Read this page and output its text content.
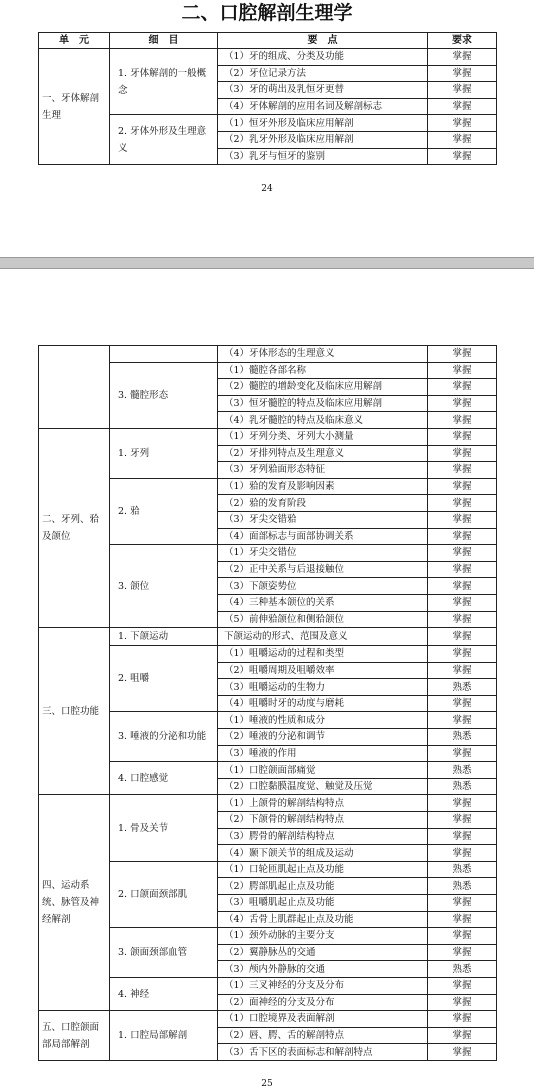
二、口腔解剖生理学
单　元	细　目	要　点	要求
一、牙体解剖生理	1. 牙体解剖的一般概念	（1）牙的组成、分类及功能	掌握
		（2）牙位记录方法	掌握
		（3）牙的萌出及乳恒牙更替	掌握
		（4）牙体解剖的应用名词及解剖标志	掌握
	2. 牙体外形及生理意义	（1）恒牙外形及临床应用解剖	掌握
		（2）乳牙外形及临床应用解剖	掌握
		（3）乳牙与恒牙的鉴别	掌握
24
		（4）牙体形态的生理意义	掌握
	3. 髓腔形态	（1）髓腔各部名称	掌握
		（2）髓腔的增龄变化及临床应用解剖	掌握
		（3）恒牙髓腔的特点及临床应用解剖	掌握
		（4）乳牙髓腔的特点及临床意义	掌握
二、牙列、𬌗及颌位	1. 牙列	（1）牙列分类、牙列大小测量	掌握
		（2）牙排列特点及生理意义	掌握
		（3）牙列𬌗面形态特征	掌握
	2. 𬌗	（1）𬌗的发育及影响因素	掌握
		（2）𬌗的发育阶段	掌握
		（3）牙尖交错𬌗	掌握
		（4）面部标志与面部协调关系	掌握
	3. 颌位	（1）牙尖交错位	掌握
		（2）正中关系与后退接触位	掌握
		（3）下颌姿势位	掌握
		（4）三种基本颌位的关系	掌握
		（5）前伸𬌗颌位和侧𬌗颌位	掌握
三、口腔功能	1. 下颌运动	下颌运动的形式、范围及意义	掌握
	2. 咀嚼	（1）咀嚼运动的过程和类型	掌握
		（2）咀嚼周期及咀嚼效率	掌握
		（3）咀嚼运动的生物力	熟悉
		（4）咀嚼时牙的动度与磨耗	掌握
	3. 唾液的分泌和功能	（1）唾液的性质和成分	掌握
		（2）唾液的分泌和调节	熟悉
		（3）唾液的作用	掌握
	4. 口腔感觉	（1）口腔颌面部痛觉	熟悉
		（2）口腔黏膜温度觉、触觉及压觉	熟悉
四、运动系统、脉管及神经解剖	1. 骨及关节	（1）上颌骨的解剖结构特点	掌握
		（2）下颌骨的解剖结构特点	掌握
		（3）腭骨的解剖结构特点	掌握
		（4）颞下颌关节的组成及运动	掌握
	2. 口颌面颈部肌	（1）口轮匝肌起止点及功能	熟悉
		（2）腭部肌起止点及功能	熟悉
		（3）咀嚼肌起止点及功能	掌握
		（4）舌骨上肌群起止点及功能	掌握
	3. 颌面颈部血管	（1）颈外动脉的主要分支	掌握
		（2）翼静脉丛的交通	掌握
		（3）颅内外静脉的交通	熟悉
	4. 神经	（1）三叉神经的分支及分布	掌握
		（2）面神经的分支及分布	掌握
五、口腔颌面部局部解剖	1. 口腔局部解剖	（1）口腔境界及表面解剖	掌握
		（2）唇、腭、舌的解剖特点	掌握
		（3）舌下区的表面标志和解剖特点	掌握
25
